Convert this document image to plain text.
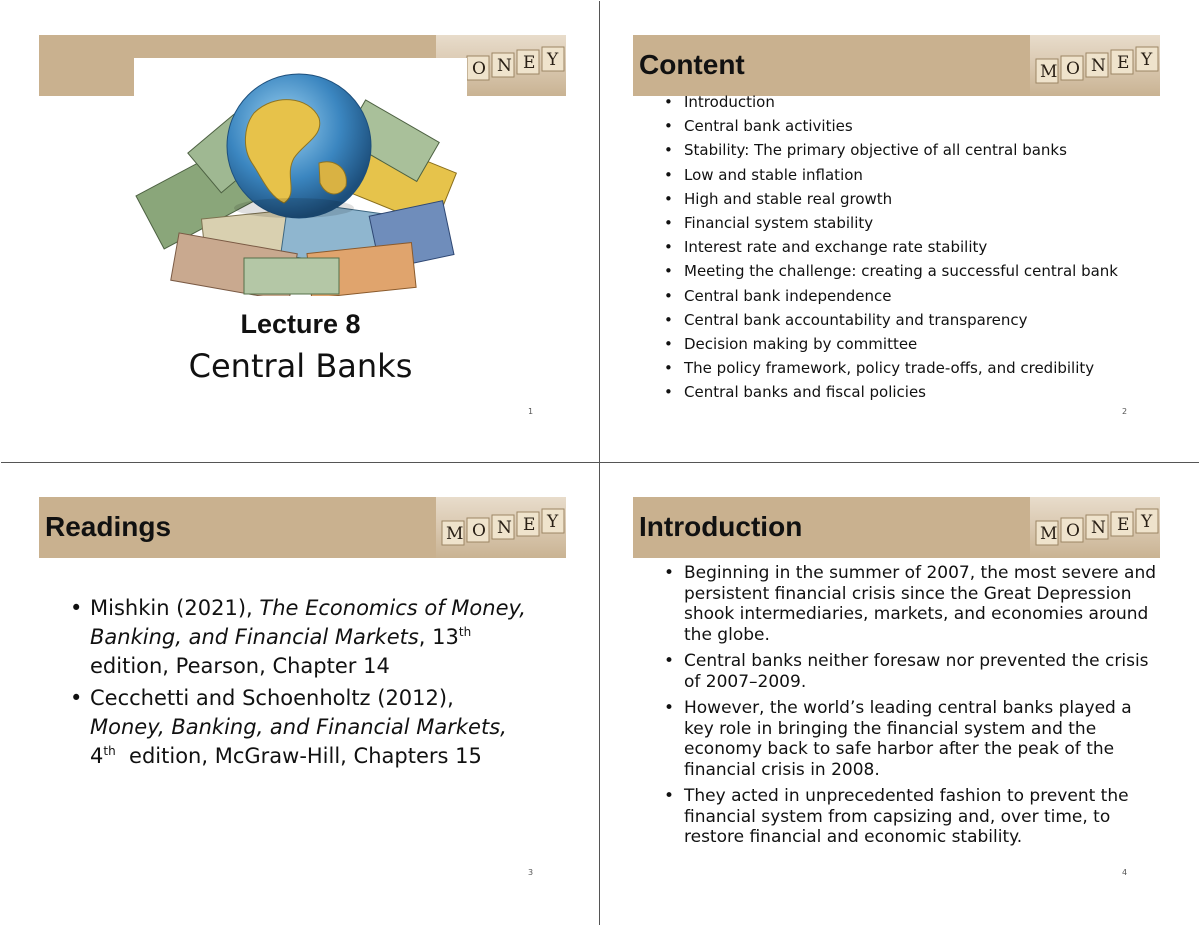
O N E Y
Lecture 8
Central Banks
1
Content	M O N E Y
• Introduction
• Central bank activities
• Stability: The primary objective of all central banks
• Low and stable inflation
• High and stable real growth
• Financial system stability
• Interest rate and exchange rate stability
• Meeting the challenge: creating a successful central bank
• Central bank independence
• Central bank accountability and transparency
• Decision making by committee
• The policy framework, policy trade-offs, and credibility
• Central banks and fiscal policies
2
Readings	M O N E Y
3
• Mishkin (2021), The Economics of Money, Banking, and Financial Markets, 13th
edition, Pearson, Chapter 14
• Cecchetti and Schoenholtz (2012),
Money, Banking, and Financial Markets,
4th  edition, McGraw-Hill, Chapters 15
Introduction	M O N E Y
4
• Beginning in the summer of 2007, the most severe and persistent financial crisis since the Great Depression shook intermediaries, markets, and economies around the globe.
• Central banks neither foresaw nor prevented the crisis of 2007–2009.
• However, the world’s leading central banks played a key role in bringing the financial system and the economy back to safe harbor after the peak of the financial crisis in 2008.
• They acted in unprecedented fashion to prevent the financial system from capsizing and, over time, to restore financial and economic stability.
